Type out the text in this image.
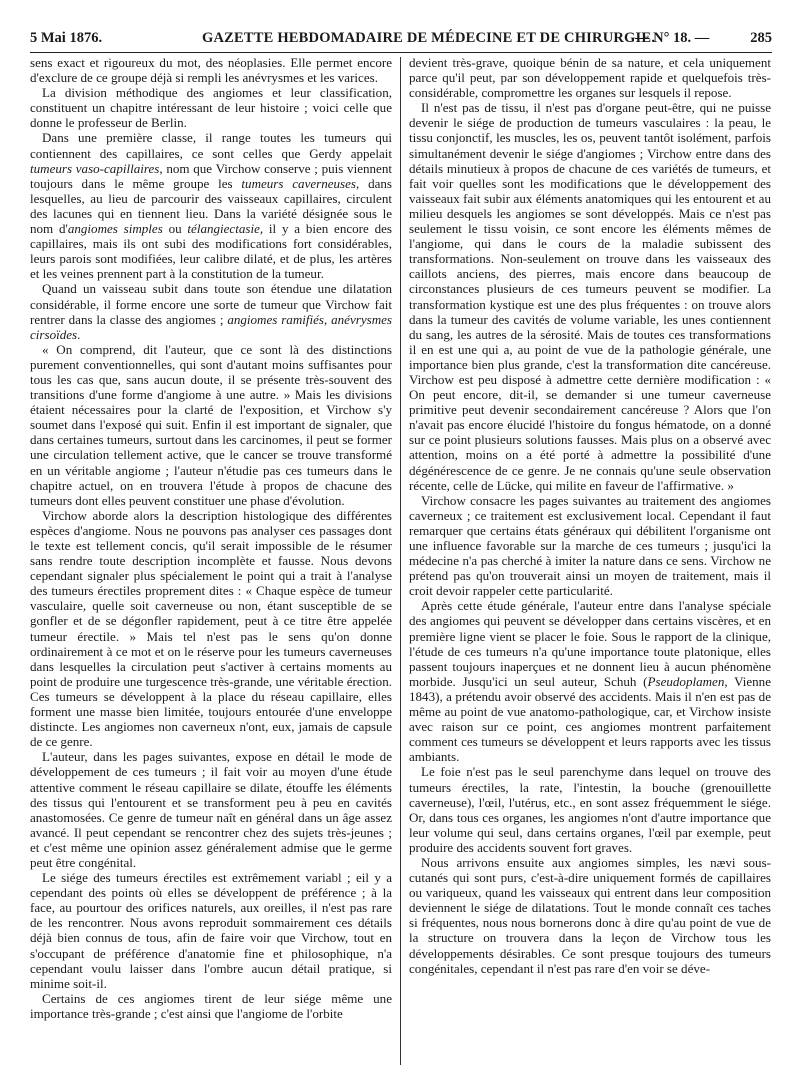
5 Mai 1876.	GAZETTE HEBDOMADAIRE DE MÉDECINE ET DE CHIRURGIE.
— N° 18. —	285

sens exact et rigoureux du mot, des néoplasies. Elle permet encore d'exclure de ce groupe déjà si rempli les anévrysmes et les varices.

La division méthodique des angiomes et leur classification, constituent un chapitre intéressant de leur histoire ; voici celle que donne le professeur de Berlin.

Dans une première classe, il range toutes les tumeurs qui contiennent des capillaires, ce sont celles que Gerdy appelait tumeurs vaso-capillaires, nom que Virchow conserve ; puis viennent toujours dans le même groupe les tumeurs caverneuses, dans lesquelles, au lieu de parcourir des vaisseaux capillaires, circulent des lacunes qui en tiennent lieu. Dans la variété désignée sous le nom d'angiomes simples ou télangiectasie, il y a bien encore des capillaires, mais ils ont subi des modifications fort considérables, leurs parois sont modifiées, leur calibre dilaté, et de plus, les artères et les veines prennent part à la constitution de la tumeur.

Quand un vaisseau subit dans toute son étendue une dilatation considérable, il forme encore une sorte de tumeur que Virchow fait rentrer dans la classe des angiomes ; angiomes ramifiés, anévrysmes cirsoïdes.

« On comprend, dit l'auteur, que ce sont là des distinctions purement conventionnelles, qui sont d'autant moins suffisantes pour tous les cas que, sans aucun doute, il se présente très-souvent des transitions d'une forme d'angiome à une autre. » Mais les divisions étaient nécessaires pour la clarté de l'exposition, et Virchow s'y soumet dans l'exposé qui suit. Enfin il est important de signaler, que dans certaines tumeurs, surtout dans les carcinomes, il peut se former une circulation tellement active, que le cancer se trouve transformé en un véritable angiome ; l'auteur n'étudie pas ces tumeurs dans le chapitre actuel, on en trouvera l'étude à propos de chacune des tumeurs dont elles peuvent constituer une phase d'évolution.

Virchow aborde alors la description histologique des différentes espèces d'angiome. Nous ne pouvons pas analyser ces passages dont le texte est tellement concis, qu'il serait impossible de le résumer sans rendre toute description incomplète et fausse. Nous devons cependant signaler plus spécialement le point qui a trait à l'analyse des tumeurs érectiles proprement dites : « Chaque espèce de tumeur vasculaire, quelle soit caverneuse ou non, étant susceptible de se gonfler et de se dégonfler rapidement, peut à ce titre être appelée tumeur érectile. » Mais tel n'est pas le sens qu'on donne ordinairement à ce mot et on le réserve pour les tumeurs caverneuses dans lesquelles la circulation peut s'activer à certains moments au point de produire une turgescence très-grande, une véritable érection. Ces tumeurs se développent à la place du réseau capillaire, elles forment une masse bien limitée, toujours entourée d'une enveloppe distincte. Les angiomes non caverneux n'ont, eux, jamais de capsule de ce genre.

L'auteur, dans les pages suivantes, expose en détail le mode de développement de ces tumeurs ; il fait voir au moyen d'une étude attentive comment le réseau capillaire se dilate, étouffe les éléments des tissus qui l'entourent et se transforment peu à peu en cavités anastomosées. Ce genre de tumeur naît en général dans un âge assez avancé. Il peut cependant se rencontrer chez des sujets très-jeunes ; et c'est même une opinion assez généralement admise que le germe peut être congénital.

Le siége des tumeurs érectiles est extrêmement variabl ; eil y a cependant des points où elles se développent de préférence ; à la face, au pourtour des orifices naturels, aux oreilles, il n'est pas rare de les rencontrer. Nous avons reproduit sommairement ces détails déjà bien connus de tous, afin de faire voir que Virchow, tout en s'occupant de préférence d'anatomie fine et philosophique, n'a cependant voulu laisser dans l'ombre aucun détail pratique, si minime soit-il.

Certains de ces angiomes tirent de leur siége même une importance très-grande ; c'est ainsi que l'angiome de l'orbite

devient très-grave, quoique bénin de sa nature, et cela uniquement parce qu'il peut, par son développement rapide et quelquefois très-considérable, compromettre les organes sur lesquels il repose.

Il n'est pas de tissu, il n'est pas d'organe peut-être, qui ne puisse devenir le siége de production de tumeurs vasculaires : la peau, le tissu conjonctif, les muscles, les os, peuvent tantôt isolément, parfois simultanément devenir le siége d'angiomes ; Virchow entre dans des détails minutieux à propos de chacune de ces variétés de tumeurs, et fait voir quelles sont les modifications que le développement des vaisseaux fait subir aux éléments anatomiques qui les entourent et au milieu desquels les angiomes se sont développés. Mais ce n'est pas seulement le tissu voisin, ce sont encore les éléments mêmes de l'angiome, qui dans le cours de la maladie subissent des transformations. Non-seulement on trouve dans les vaisseaux des caillots anciens, des pierres, mais encore dans beaucoup de circonstances plusieurs de ces tumeurs peuvent se modifier. La transformation kystique est une des plus fréquentes : on trouve alors dans la tumeur des cavités de volume variable, les unes contiennent du sang, les autres de la sérosité. Mais de toutes ces transformations il en est une qui a, au point de vue de la pathologie générale, une importance bien plus grande, c'est la transformation dite cancéreuse. Virchow est peu disposé à admettre cette dernière modification : « On peut encore, dit-il, se demander si une tumeur caverneuse primitive peut devenir secondairement cancéreuse ? Alors que l'on n'avait pas encore élucidé l'histoire du fongus hématode, on a donné sur ce point plusieurs solutions fausses. Mais plus on a observé avec attention, moins on a été porté à admettre la possibilité d'une dégénérescence de ce genre. Je ne connais qu'une seule observation récente, celle de Lücke, qui milite en faveur de l'affirmative. »

Virchow consacre les pages suivantes au traitement des angiomes caverneux ; ce traitement est exclusivement local. Cependant il faut remarquer que certains états généraux qui débilitent l'organisme ont une influence favorable sur la marche de ces tumeurs ; jusqu'ici la médecine n'a pas cherché à imiter la nature dans ce sens. Virchow ne prétend pas qu'on trouverait ainsi un moyen de traitement, mais il croit devoir rappeler cette particularité.

Après cette étude générale, l'auteur entre dans l'analyse spéciale des angiomes qui peuvent se développer dans certains viscères, et en première ligne vient se placer le foie. Sous le rapport de la clinique, l'étude de ces tumeurs n'a qu'une importance toute platonique, elles passent toujours inaperçues et ne donnent lieu à aucun phénomène morbide. Jusqu'ici un seul auteur, Schuh (Pseudoplamen, Vienne 1843), a prétendu avoir observé des accidents. Mais il n'en est pas de même au point de vue anatomo-pathologique, car, et Virchow insiste avec raison sur ce point, ces angiomes montrent parfaitement comment ces tumeurs se développent et leurs rapports avec les tissus ambiants.

Le foie n'est pas le seul parenchyme dans lequel on trouve des tumeurs érectiles, la rate, l'intestin, la bouche (grenouillette caverneuse), l'œil, l'utérus, etc., en sont assez fréquemment le siége. Or, dans tous ces organes, les angiomes n'ont d'autre importance que leur volume qui seul, dans certains organes, l'œil par exemple, peut produire des accidents souvent fort graves.

Nous arrivons ensuite aux angiomes simples, les nævi sous-cutanés qui sont purs, c'est-à-dire uniquement formés de capillaires ou variqueux, quand les vaisseaux qui entrent dans leur composition deviennent le siége de dilatations. Tout le monde connaît ces taches si fréquentes, nous nous bornerons donc à dire qu'au point de vue de la structure on trouvera dans la leçon de Virchow tous les développements désirables. Ce sont presque toujours des tumeurs congénitales, cependant il n'est pas rare d'en voir se déve-
